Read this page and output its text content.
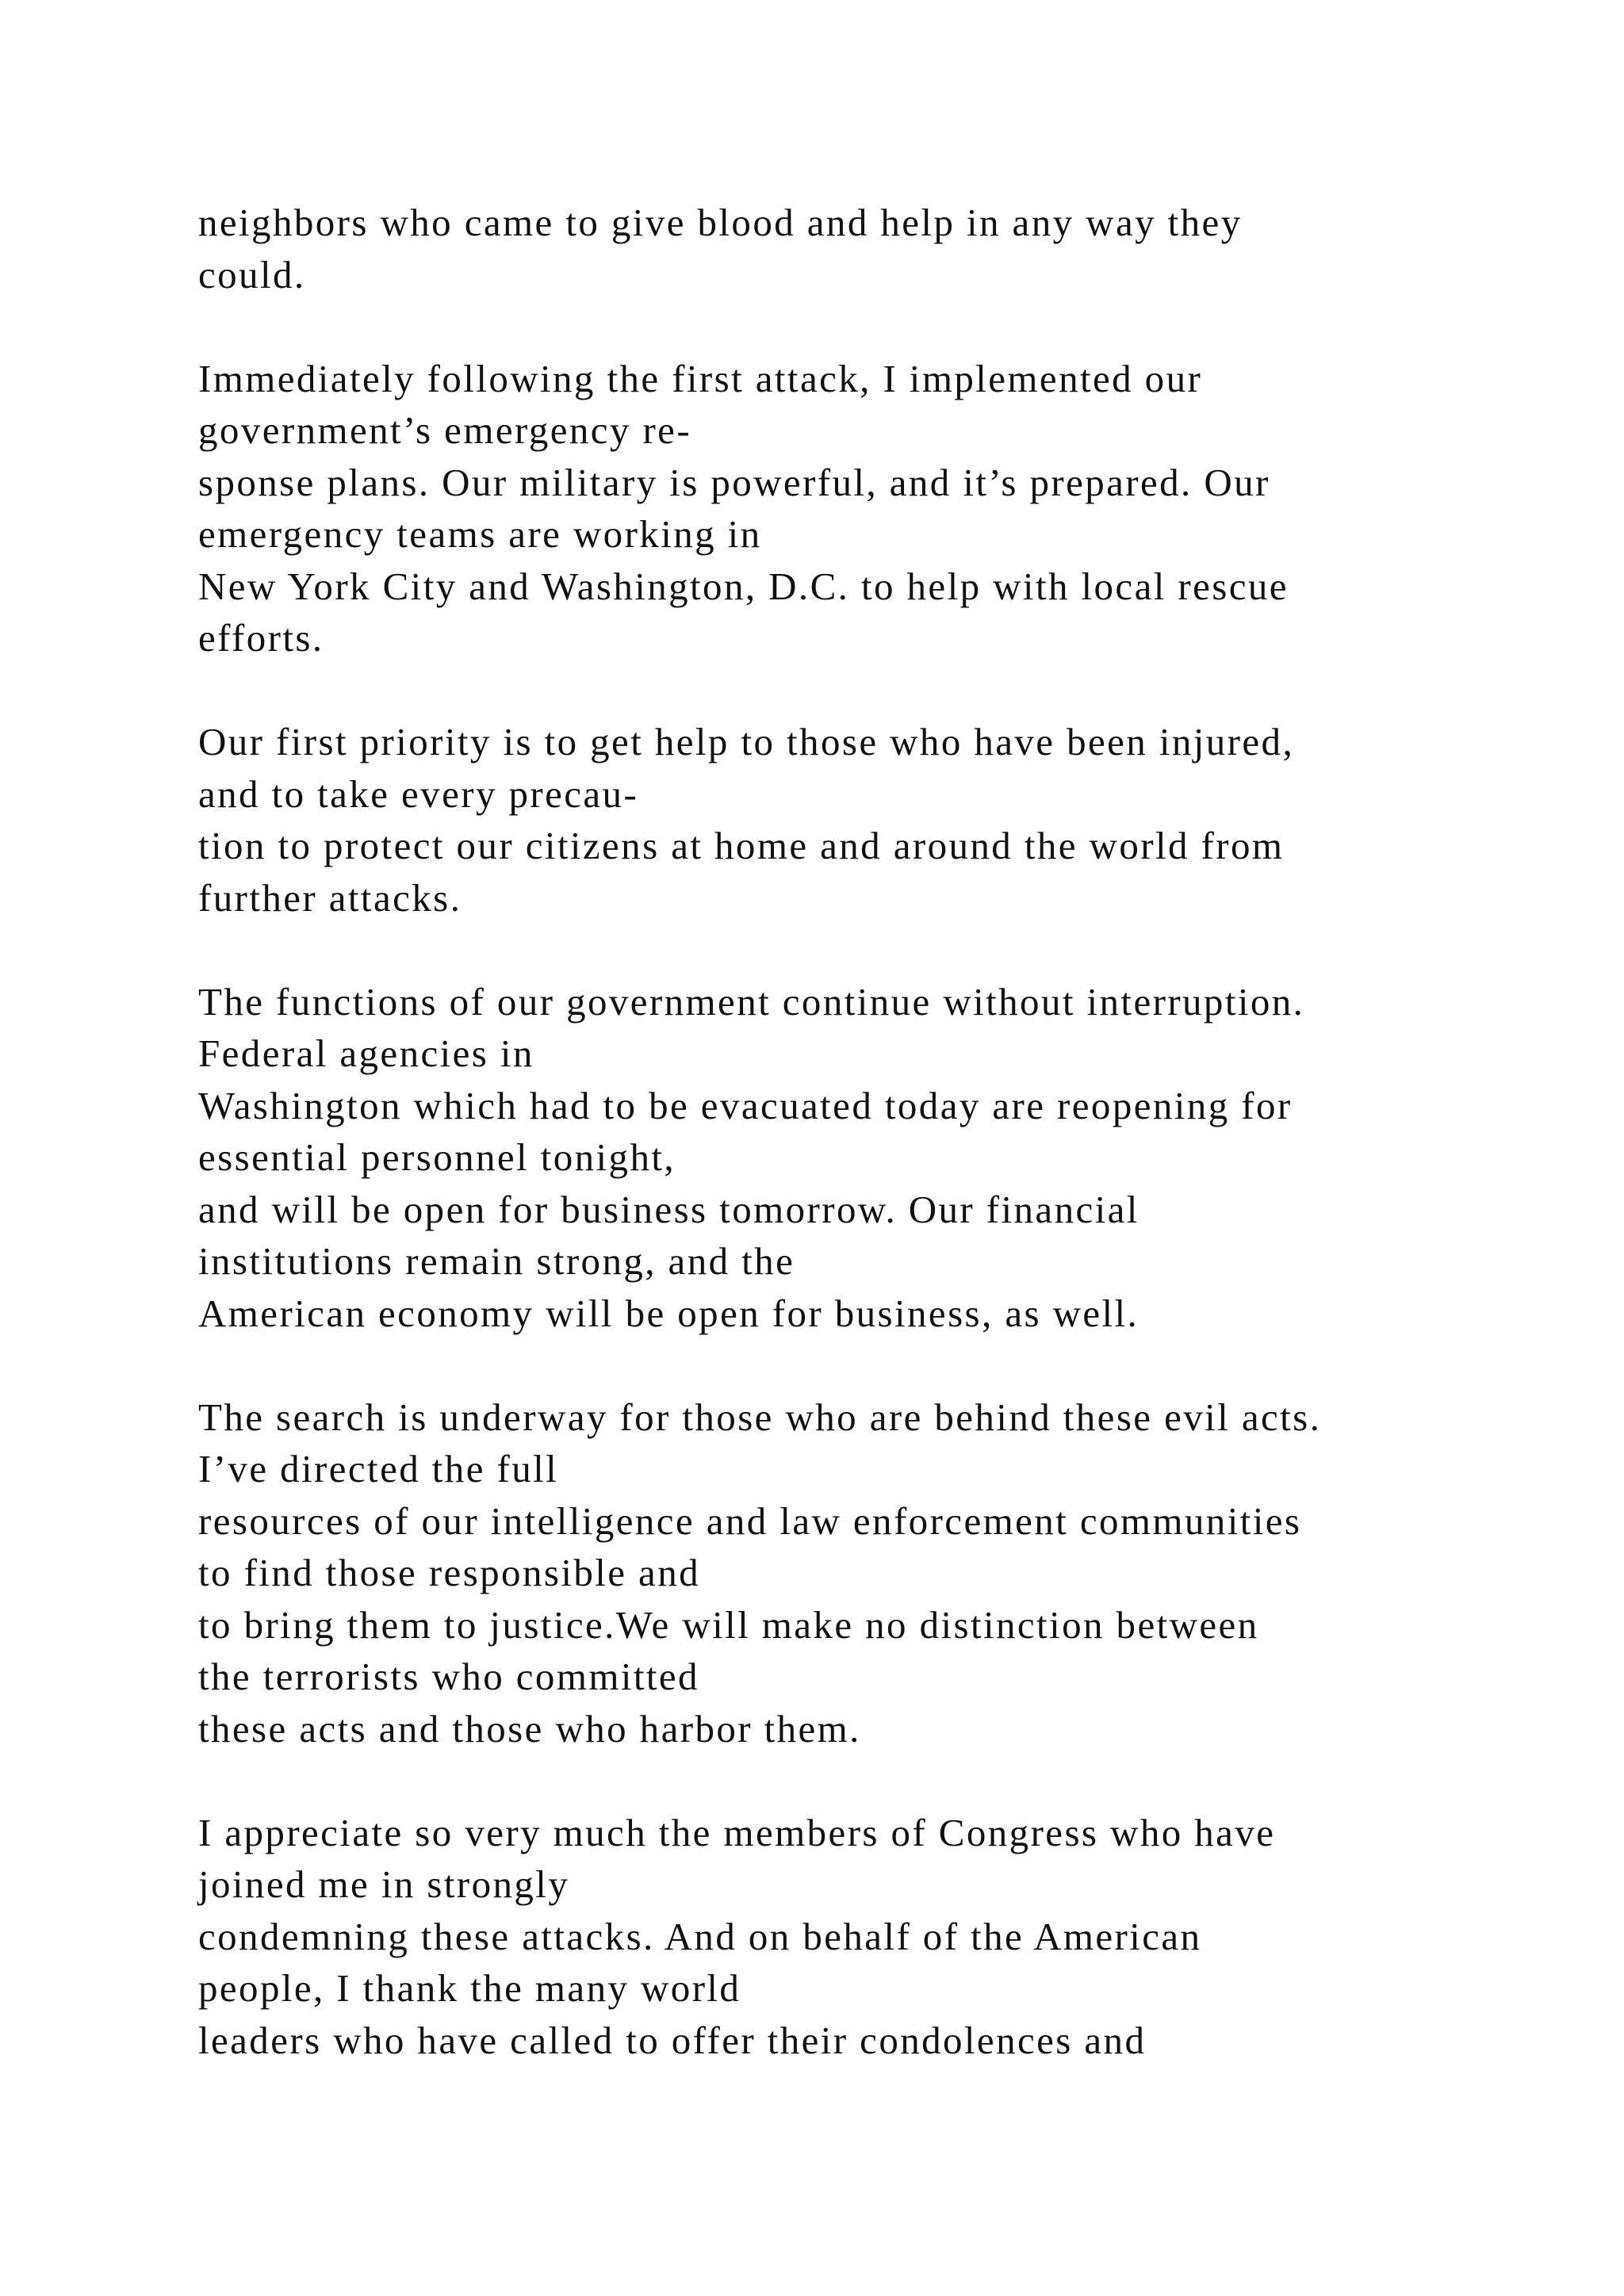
neighbors who came to give blood and help in any way they
could.
Immediately following the first attack, I implemented our
government’s emergency re-
sponse plans. Our military is powerful, and it’s prepared. Our
emergency teams are working in
New York City and Washington, D.C. to help with local rescue
efforts.
Our first priority is to get help to those who have been injured,
and to take every precau-
tion to protect our citizens at home and around the world from
further attacks.
The functions of our government continue without interruption.
Federal agencies in
Washington which had to be evacuated today are reopening for
essential personnel tonight,
and will be open for business tomorrow. Our financial
institutions remain strong, and the
American economy will be open for business, as well.
The search is underway for those who are behind these evil acts.
I’ve directed the full
resources of our intelligence and law enforcement communities
to find those responsible and
to bring them to justice.We will make no distinction between
the terrorists who committed
these acts and those who harbor them.
I appreciate so very much the members of Congress who have
joined me in strongly
condemning these attacks. And on behalf of the American
people, I thank the many world
leaders who have called to offer their condolences and
